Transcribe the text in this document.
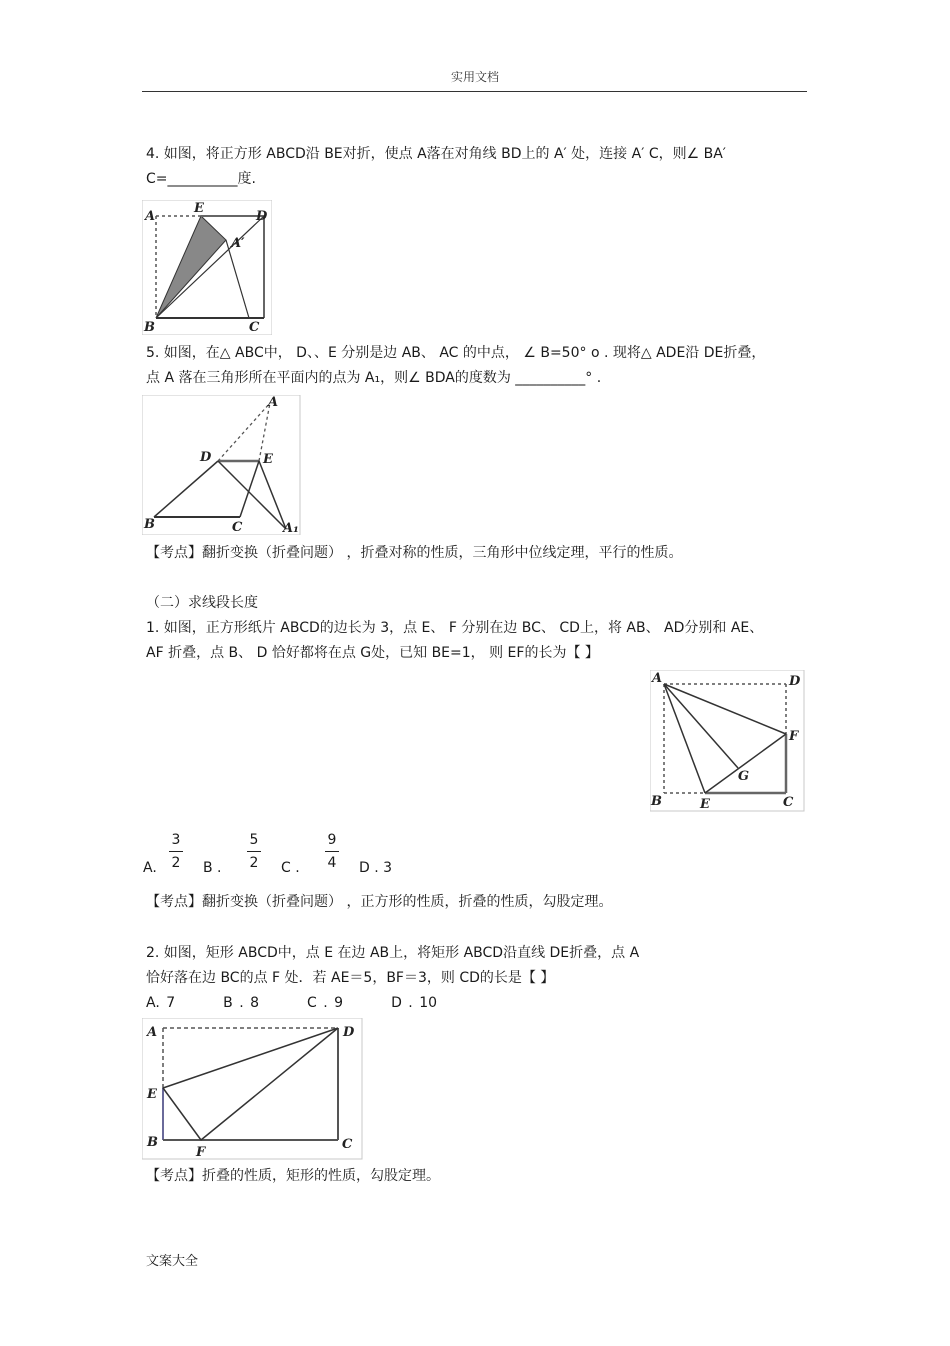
实用文档
4. 如图，将正方形 ABCD沿 BE对折，使点 A落在对角线 BD上的 A′ 处，连接 A′ C，则∠ BA′
C=__________度.
A
E
D
A′
B	C
5. 如图，在△ ABC中， D、、E 分别是边 AB、 AC 的中点， ∠ B=50° o . 现将△ ADE沿 DE折叠，
点 A 落在三角形所在平面内的点为 A₁，则∠ BDA的度数为 __________° .
A
D	E
B	C	A₁
【考点】翻折变换（折叠问题） ，折叠对称的性质，三角形中位线定理，平行的性质。
（二）求线段长度
1. 如图，正方形纸片 ABCD的边长为 3，点 E、 F 分别在边 BC、 CD上，将 AB、 AD分别和 AE、
AF 折叠，点 B、 D 恰好都将在点 G处，已知 BE=1， 则 EF的长为【 】
A	D
F
G
B	E	C
A.
3
2 B .
5
2 C .
9
4 D . 3
【考点】翻折变换（折叠问题） ，正方形的性质，折叠的性质，勾股定理。
2. 如图，矩形 ABCD中，点 E 在边 AB上，将矩形 ABCD沿直线 DE折叠，点 A
恰好落在边 BC的点 F 处．若 AE＝5，BF＝3，则 CD的长是【 】
A. 7	B . 8	C . 9	D . 10
A	D
E
B
F
C
【考点】折叠的性质，矩形的性质，勾股定理。
文案大全
